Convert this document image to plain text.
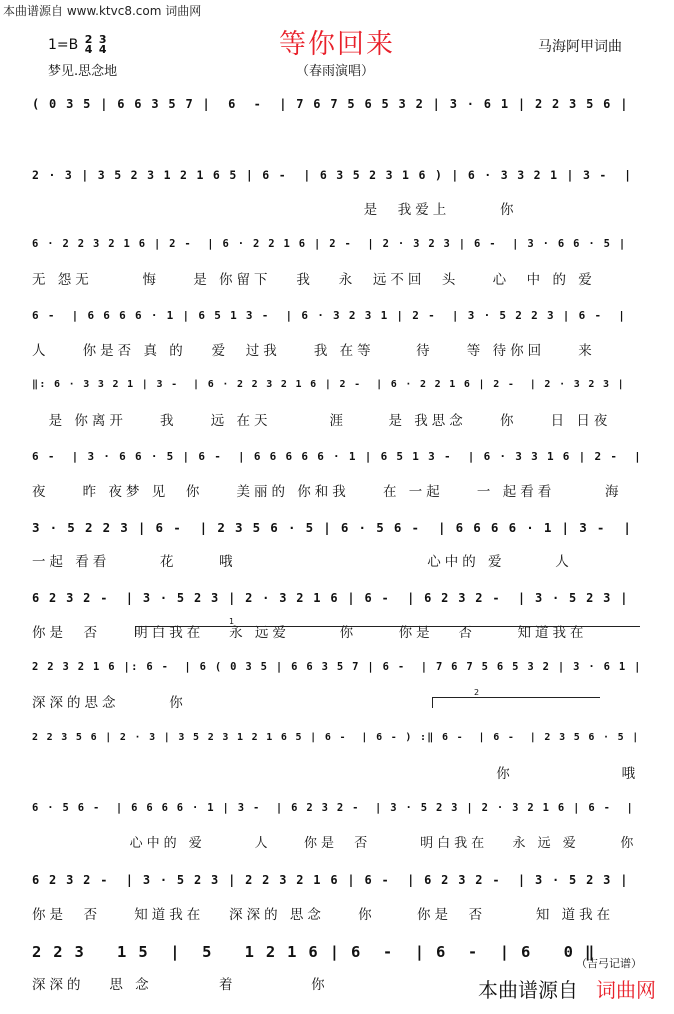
本曲谱源自 www.ktvc8.com 词曲网
等你回来
1=B 2
4

3
4	马海阿甲词曲
梦见.思念地	（春雨演唱）
( 0 3 5 | 6 6 3 5 7 |  6  -  | 7 6 7 5 6 5 3 2 | 3 · 6 1 | 2 2 3 5 6 |
2 · 3 | 3 5 2 3 1 2 1 6 5 | 6 -  | 6 3 5 2 3 1 6 ) | 6 · 3 3 2 1 | 3 -  |
是  我爱上      你
6 · 2 2 3 2 1 6 | 2 -  | 6 · 2 2 1 6 | 2 -  | 2 · 3 2 3 | 6 -  | 3 · 6 6 · 5 |
无 怨无      悔    是 你留下   我   永  远不回  头    心  中 的 爱
6 -  | 6 6 6 6 · 1 | 6 5 1 3 -  | 6 · 3 2 3 1 | 2 -  | 3 · 5 2 2 3 | 6 -  |
人    你是否 真 的   爱  过我    我 在等     待    等 待你回    来
‖: 6 · 3 3 2 1 | 3 -  | 6 · 2 2 3 2 1 6 | 2 -  | 6 · 2 2 1 6 | 2 -  | 2 · 3 2 3 |
是 你离开    我    远 在天       涯     是 我思念    你    日 日夜
6 -  | 3 · 6 6 · 5 | 6 -  | 6 6 6 6 6 · 1 | 6 5 1 3 -  | 6 · 3 3 1 6 | 2 -  |
夜    昨 夜梦 见  你    美丽的 你和我    在 一起    一 起看看      海
3 · 5 2 2 3 | 6 -  | 2 3 5 6 · 5 | 6 · 5 6 -  | 6 6 6 6 · 1 | 3 -  |
一起 看看      花     哦                       心中的 爱      人
6 2 3 2 -  | 3 · 5 2 3 | 2 · 3 2 1 6 | 6 -  | 6 2 3 2 -  | 3 · 5 2 3 |
你是  否    明白我在   永 远爱      你     你是   否     知道我在
2 2 3 2 1 6 |: 6 -  | 6 ( 0 3 5 | 6 6 3 5 7 | 6 -  | 7 6 7 5 6 5 3 2 | 3 · 6 1 |
深深的思念      你
2 2 3 5 6 | 2 · 3 | 3 5 2 3 1 2 1 6 5 | 6 -  | 6 - ) :‖ 6 -  | 6 -  | 2 3 5 6 · 5 |
你             哦
6 · 5 6 -  | 6 6 6 6 · 1 | 3 -  | 6 2 3 2 -  | 3 · 5 2 3 | 2 · 3 2 1 6 | 6 -  |
心中的 爱      人    你是  否      明白我在   永 远 爱     你
6 2 3 2 -  | 3 · 5 2 3 | 2 2 3 2 1 6 | 6 -  | 6 2 3 2 -  | 3 · 5 2 3 |
你是  否    知道我在   深深的 思念    你     你是  否      知 道我在
2 2 3   1 5  |  5   1 2 1 6 | 6  -  | 6  -  | 6   0 ‖
深深的   思 念        着         你
1
2
（吉弓记谱）
本曲谱源自 词曲网
